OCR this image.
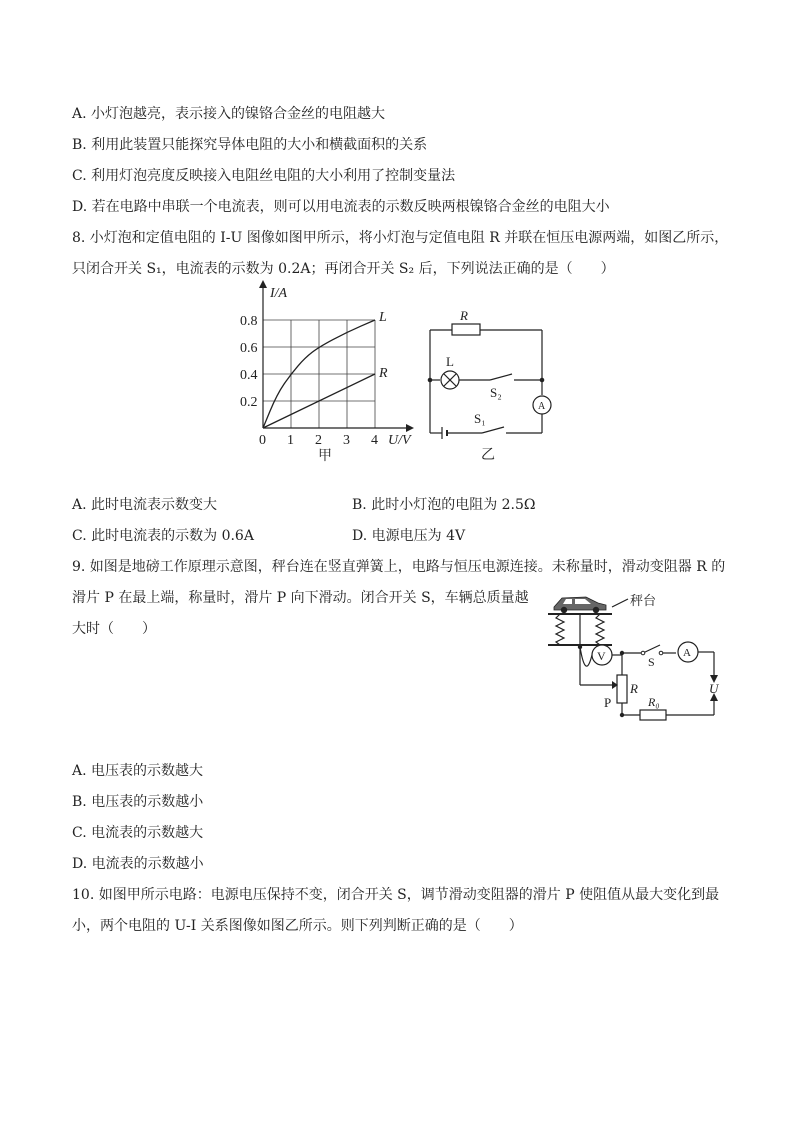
A. 小灯泡越亮，表示接入的镍铬合金丝的电阻越大
B. 利用此装置只能探究导体电阻的大小和横截面积的关系
C. 利用灯泡亮度反映接入电阻丝电阻的大小利用了控制变量法
D. 若在电路中串联一个电流表，则可以用电流表的示数反映两根镍铬合金丝的电阻大小
8. 小灯泡和定值电阻的 I-U 图像如图甲所示，将小灯泡与定值电阻 R 并联在恒压电源两端，如图乙所示，
只闭合开关 S₁，电流表的示数为 0.2A；再闭合开关 S₂ 后，下列说法正确的是（　　）
I/A
U/V
0.2
0.4
0.6
0.8
0 1 2 3 4
L
R
甲
R
L
S₂
A
S₁
乙
A. 此时电流表示数变大	B. 此时小灯泡的电阻为 2.5Ω
C. 此时电流表的示数为 0.6A	D. 电源电压为 4V
9. 如图是地磅工作原理示意图，秤台连在竖直弹簧上，电路与恒压电源连接。未称量时，滑动变阻器 R 的
滑片 P 在最上端，称量时，滑片 P 向下滑动。闭合开关 S，车辆总质量越
大时（　　）
秤台
V	S
A
R
P	R₀
U
A. 电压表的示数越大
B. 电压表的示数越小
C. 电流表的示数越大
D. 电流表的示数越小
10. 如图甲所示电路：电源电压保持不变，闭合开关 S，调节滑动变阻器的滑片 P 使阻值从最大变化到最
小，两个电阻的 U-I 关系图像如图乙所示。则下列判断正确的是（　　）
